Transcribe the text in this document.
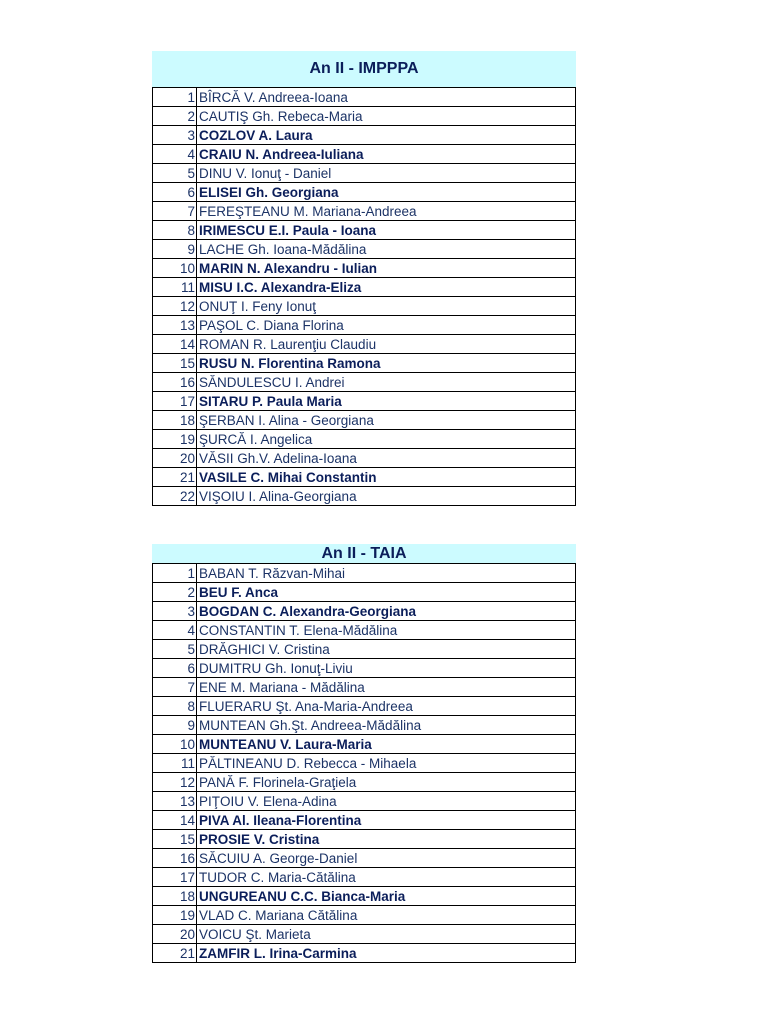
An II - IMPPPA
1	BÎRCĂ V. Andreea-Ioana
2	CAUTIŞ Gh. Rebeca-Maria
3	COZLOV A. Laura
4	CRAIU N. Andreea-Iuliana
5	DINU V. Ionuţ - Daniel
6	ELISEI Gh. Georgiana
7	FEREŞTEANU M. Mariana-Andreea
8	IRIMESCU E.I. Paula - Ioana
9	LACHE Gh. Ioana-Mădălina
10	MARIN N. Alexandru - Iulian
11	MISU I.C. Alexandra-Eliza
12	ONUŢ I. Feny Ionuţ
13	PAŞOL C. Diana Florina
14	ROMAN R. Laurenţiu Claudiu
15	RUSU N. Florentina Ramona
16	SĂNDULESCU I. Andrei
17	SITARU P. Paula Maria
18	ŞERBAN I. Alina - Georgiana
19	ŞURCĂ I. Angelica
20	VĂSII Gh.V. Adelina-Ioana
21	VASILE C. Mihai Constantin
22	VIŞOIU I. Alina-Georgiana
An II - TAIA
1	BABAN T. Răzvan-Mihai
2	BEU F. Anca
3	BOGDAN C. Alexandra-Georgiana
4	CONSTANTIN T. Elena-Mădălina
5	DRĂGHICI V. Cristina
6	DUMITRU Gh. Ionuţ-Liviu
7	ENE M. Mariana - Mădălina
8	FLUERARU Şt. Ana-Maria-Andreea
9	MUNTEAN Gh.Şt. Andreea-Mădălina
10	MUNTEANU V. Laura-Maria
11	PĂLTINEANU D. Rebecca - Mihaela
12	PANĂ F. Florinela-Graţiela
13	PIŢOIU V. Elena-Adina
14	PIVA Al. Ileana-Florentina
15	PROSIE V. Cristina
16	SĂCUIU A. George-Daniel
17	TUDOR C. Maria-Cătălina
18	UNGUREANU C.C. Bianca-Maria
19	VLAD C. Mariana Cătălina
20	VOICU Şt. Marieta
21	ZAMFIR L. Irina-Carmina
